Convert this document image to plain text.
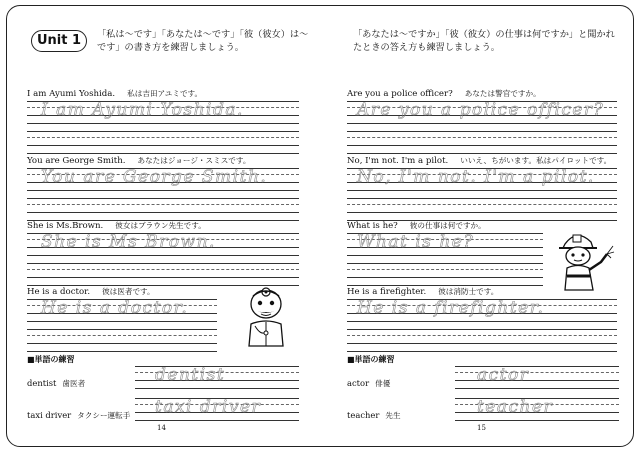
Unit 1	「私は～です」「あなたは～です」「彼（彼女）は～です」の書き方を練習しましょう。
「あなたは～ですか」「彼（彼女）の仕事は何ですか」と聞かれたときの答え方も練習しましょう。
I am Ayumi Yoshida. 私は吉田アユミです。
I am Ayumi Yoshida.
You are George Smith. あなたはジョージ・スミスです。
You are George Smith.
She is Ms.Brown. 彼女はブラウン先生です。
She is Ms Brown.
He is a doctor. 彼は医者です。
He is a doctor.
Are you a police officer? あなたは警官ですか。
Are you a police officer?
No, I'm not. I'm a pilot. いいえ、ちがいます。私はパイロットです。
No, I'm not. I'm a pilot.
What is he? 彼の仕事は何ですか。
What is he?
He is a firefighter. 彼は消防士です。
He is a firefighter.
■単語の練習	■単語の練習
dentist 歯医者	dentist
taxi driver タクシー運転手 taxi driver
actor 俳優	actor
teacher 先生	teacher
14	15
